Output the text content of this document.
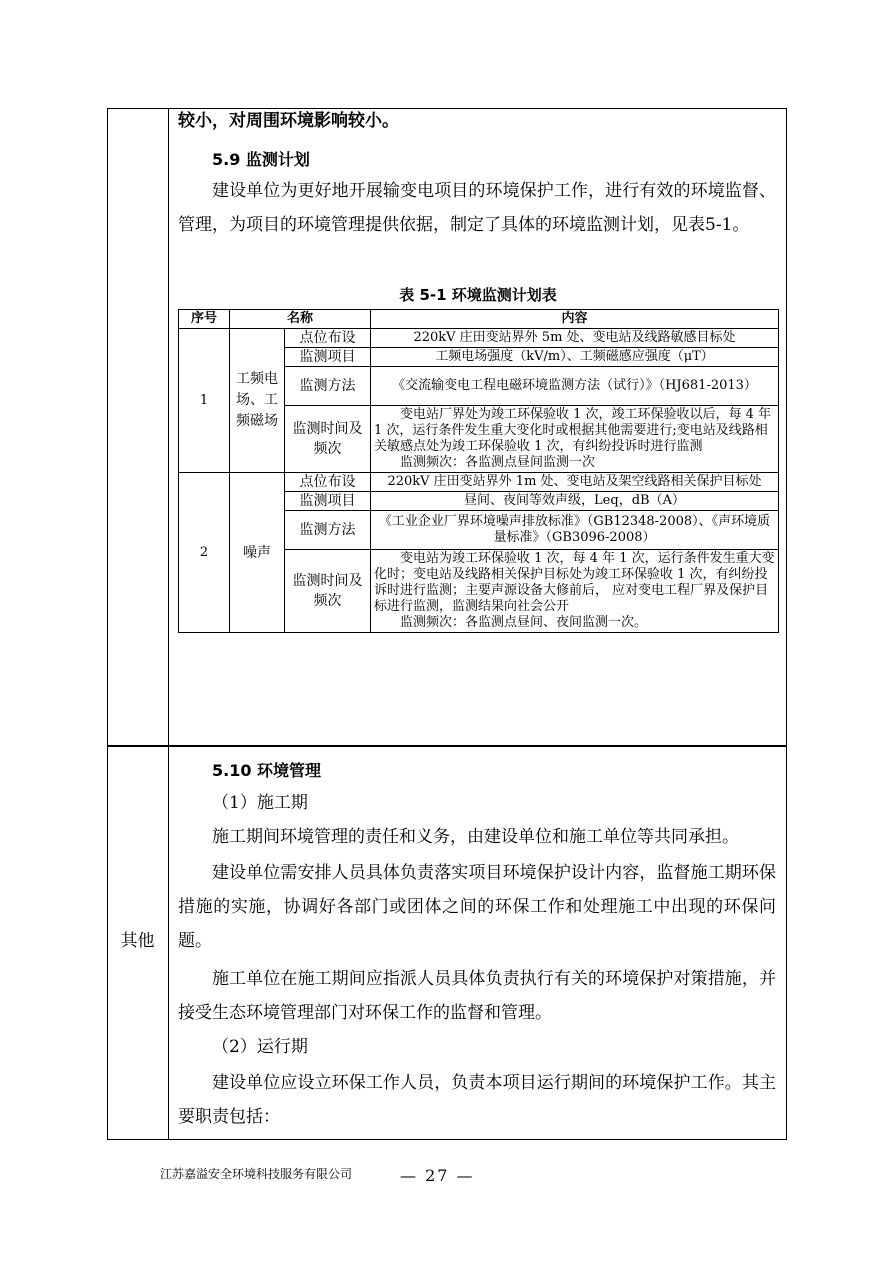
其他
较小，对周围环境影响较小。
5.9 监测计划
建设单位为更好地开展输变电项目的环境保护工作，进行有效的环境监督、管理，为项目的环境管理提供依据，制定了具体的环境监测计划，见表5-1。
表 5-1 环境监测计划表
序号	名称		内容
1	工频电场、工频磁场	点位布设	220kV 庄田变站界外 5m 处、变电站及线路敏感目标处
		监测项目	工频电场强度（kV/m）、工频磁感应强度（μT）
		监测方法	《交流输变电工程电磁环境监测方法（试行）》（HJ681-2013）
		监测时间及频次	变电站厂界处为竣工环保验收 1 次，竣工环保验收以后，每 4 年 1 次，运行条件发生重大变化时或根据其他需要进行;变电站及线路相关敏感点处为竣工环保验收 1 次，有纠纷投诉时进行监测
监测频次：各监测点昼间监测一次

2	噪声	点位布设	220kV 庄田变站界外 1m 处、变电站及架空线路相关保护目标处
		监测项目	昼间、夜间等效声级，Leq，dB（A）
		监测方法	《工业企业厂界环境噪声排放标准》（GB12348-2008）、《声环境质量标准》（GB3096-2008）
		监测时间及频次	变电站为竣工环保验收 1 次，每 4 年 1 次，运行条件发生重大变化时；变电站及线路相关保护目标处为竣工环保验收 1 次，有纠纷投诉时进行监测；主要声源设备大修前后， 应对变电工程厂界及保护目标进行监测，监测结果向社会公开
监测频次：各监测点昼间、夜间监测一次。
5.10 环境管理
（1）施工期
施工期间环境管理的责任和义务，由建设单位和施工单位等共同承担。
建设单位需安排人员具体负责落实项目环境保护设计内容，监督施工期环保措施的实施，协调好各部门或团体之间的环保工作和处理施工中出现的环保问题。
施工单位在施工期间应指派人员具体负责执行有关的环境保护对策措施，并接受生态环境管理部门对环保工作的监督和管理。
（2）运行期
建设单位应设立环保工作人员，负责本项目运行期间的环境保护工作。其主要职责包括：
江苏嘉溢安全环境科技服务有限公司	— 27 —
